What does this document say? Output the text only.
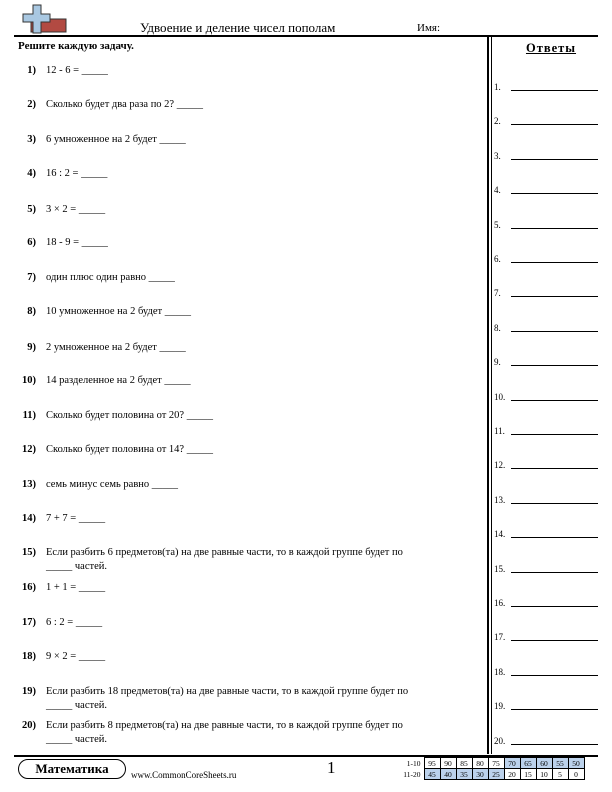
Удвоение и деление чисел пополам	Имя:
Решите каждую задачу.
1) 12 - 6 = _____
2) Сколько будет два раза по 2? _____
3) 6 умноженное на 2 будет _____
4) 16 : 2 = _____
5) 3 × 2 = _____
6) 18 - 9 = _____
7) один плюс один равно _____
8) 10 умноженное на 2 будет _____
9) 2 умноженное на 2 будет _____
10) 14 разделенное на 2 будет _____
11) Сколько будет половина от 20? _____
12) Сколько будет половина от 14? _____
13) семь минус семь равно _____
14) 7 + 7 = _____
15) Если разбить 6 предметов(та) на две равные части, то в каждой группе будет по
_____ частей.
16) 1 + 1 = _____
17) 6 : 2 = _____
18) 9 × 2 = _____
19) Если разбить 18 предметов(та) на две равные части, то в каждой группе будет по
_____ частей.
20) Если разбить 8 предметов(та) на две равные части, то в каждой группе будет по
_____ частей.
Ответы
1.
2.
3.
4.
5.
6.
7.
8.
9.
10.
11.
12.
13.
14.
15.
16.
17.
18.
19.
20.
Математика	www.CommonCoreSheets.ru	1	1-10	95	90	85	80	75	70	65	60	55	50
11-20	45	40	35	30	25	20	15	10	5	0
